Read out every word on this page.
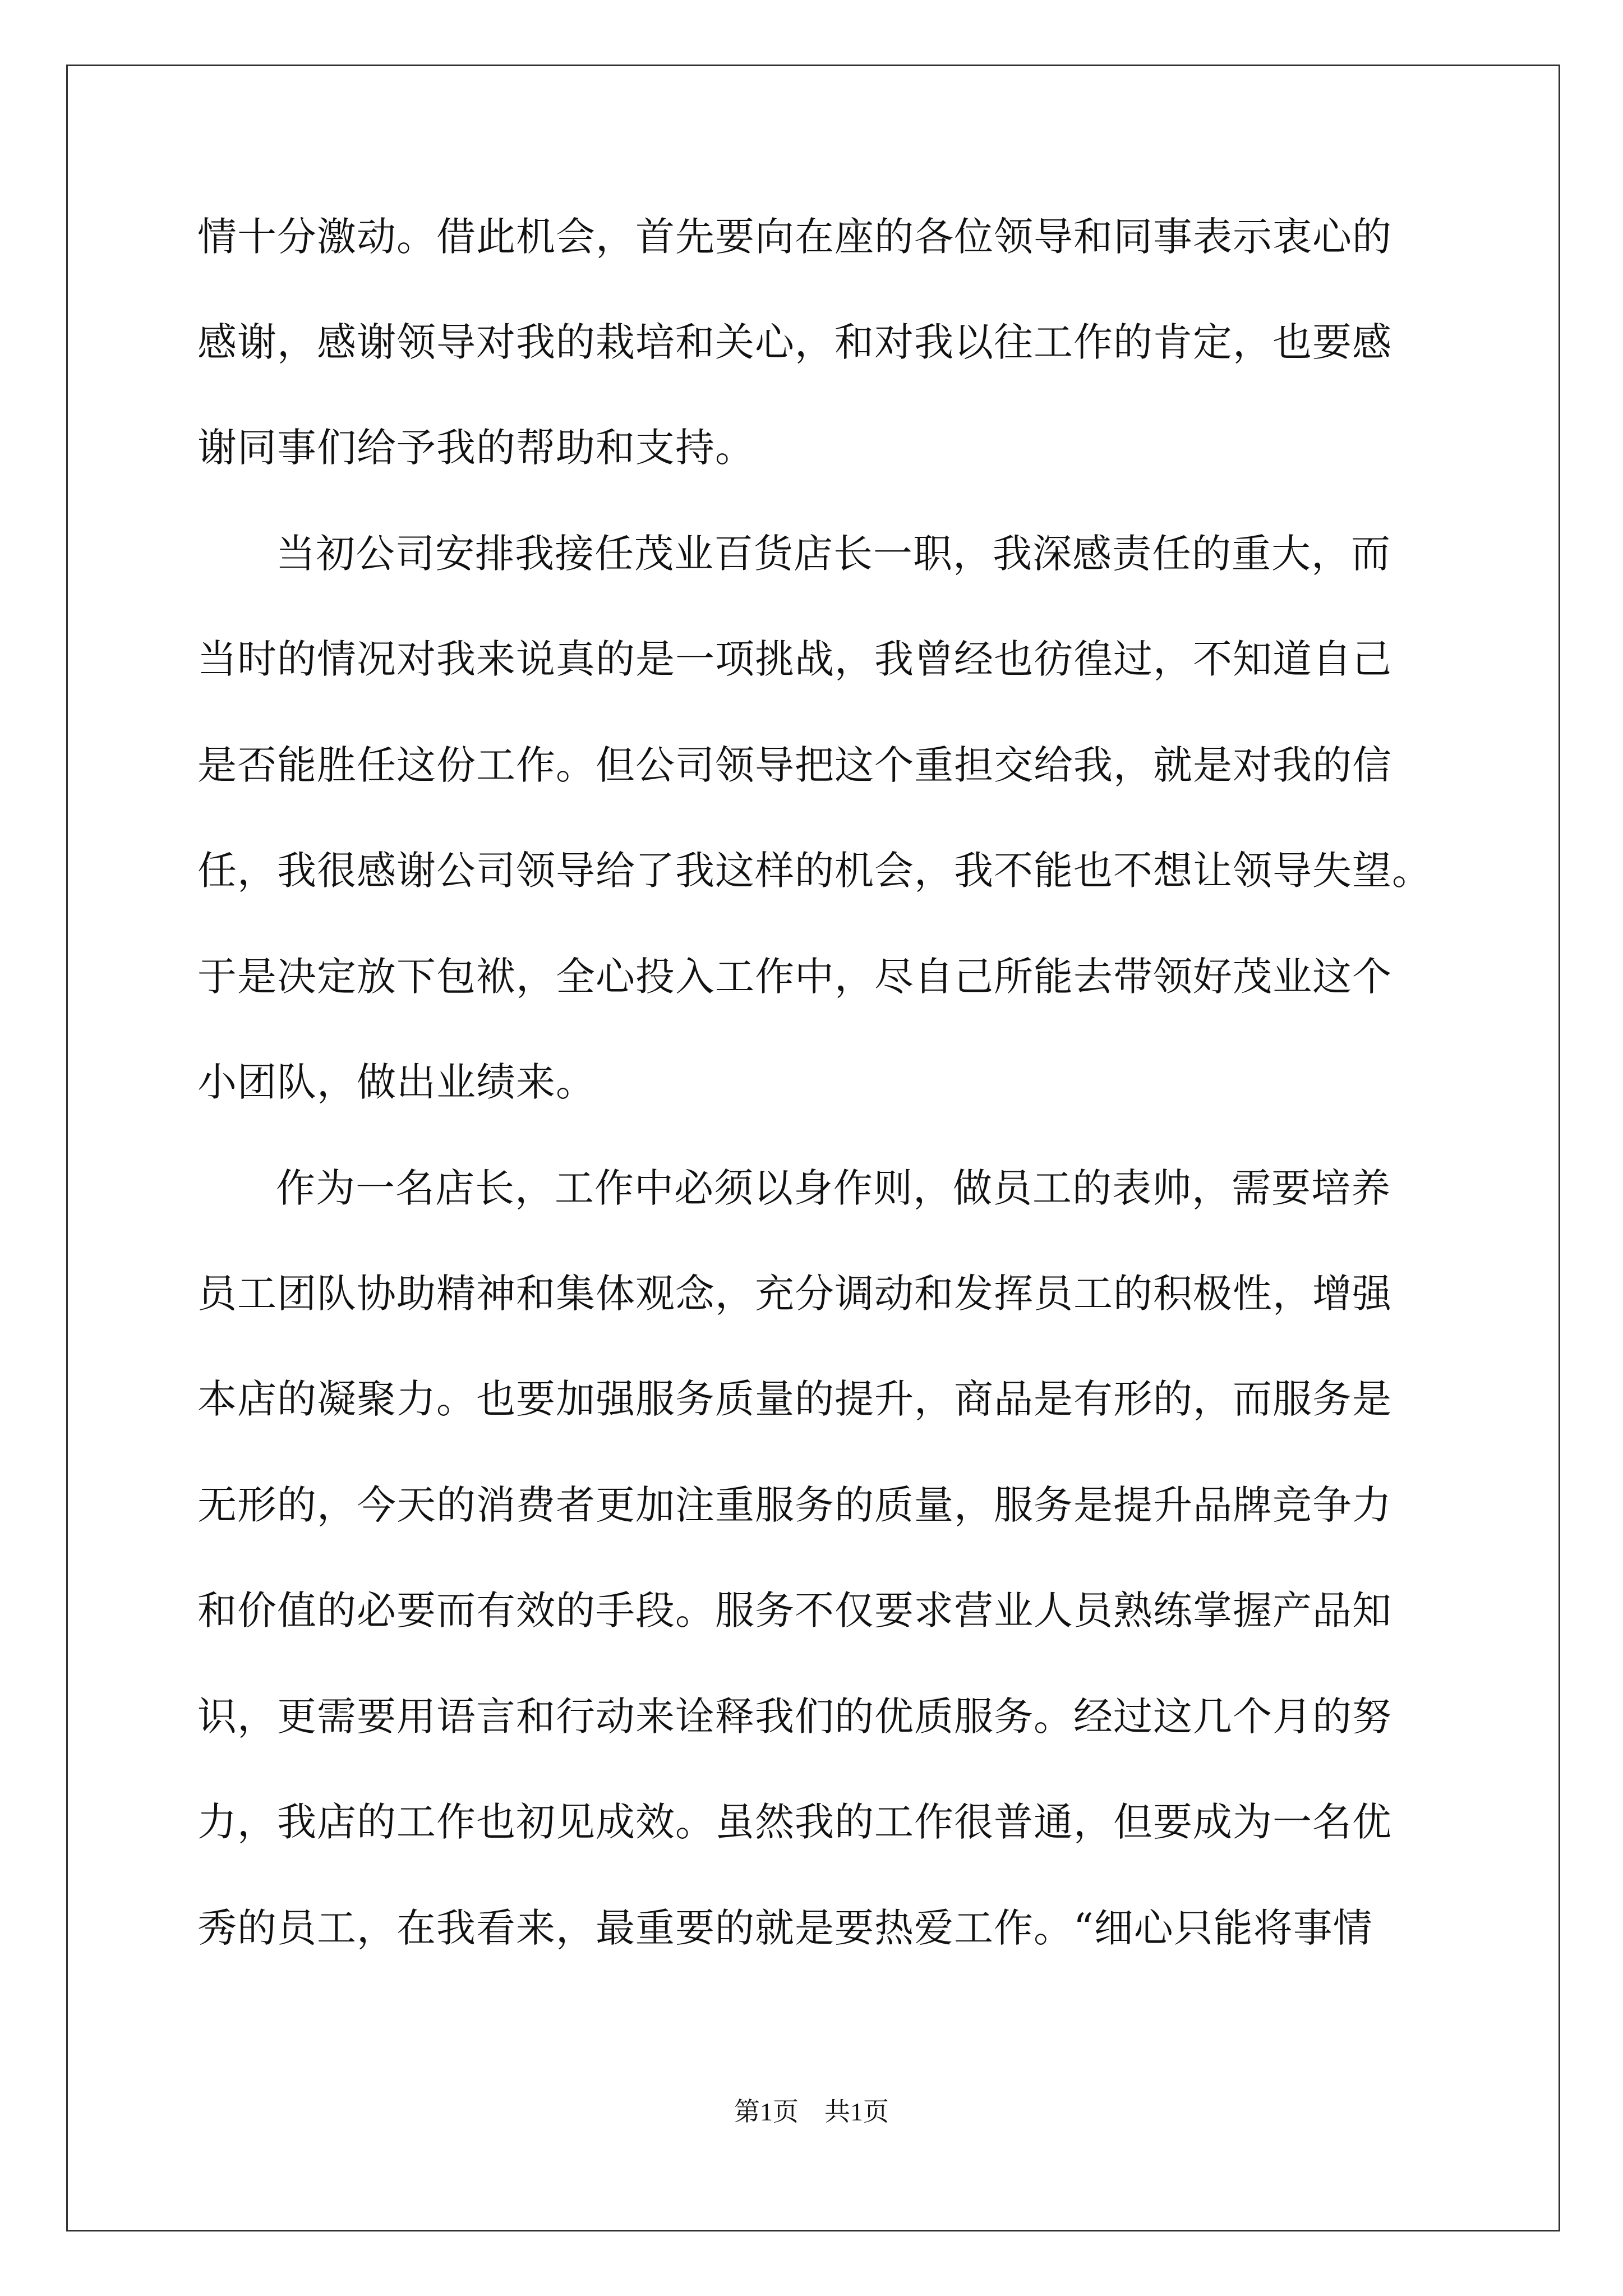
情十分激动。借此机会，首先要向在座的各位领导和同事表示衷心的
感谢，感谢领导对我的栽培和关心，和对我以往工作的肯定，也要感
谢同事们给予我的帮助和支持。
当初公司安排我接任茂业百货店长一职，我深感责任的重大，而
当时的情况对我来说真的是一项挑战，我曾经也彷徨过，不知道自己
是否能胜任这份工作。但公司领导把这个重担交给我，就是对我的信
任，我很感谢公司领导给了我这样的机会，我不能也不想让领导失望。
于是决定放下包袱，全心投入工作中，尽自己所能去带领好茂业这个
小团队，做出业绩来。
作为一名店长，工作中必须以身作则，做员工的表帅，需要培养
员工团队协助精神和集体观念，充分调动和发挥员工的积极性，增强
本店的凝聚力。也要加强服务质量的提升，商品是有形的，而服务是
无形的，今天的消费者更加注重服务的质量，服务是提升品牌竞争力
和价值的必要而有效的手段。服务不仅要求营业人员熟练掌握产品知
识，更需要用语言和行动来诠释我们的优质服务。经过这几个月的努
力，我店的工作也初见成效。虽然我的工作很普通，但要成为一名优
秀的员工，在我看来，最重要的就是要热爱工作。“细心只能将事情
第1页　共1页
